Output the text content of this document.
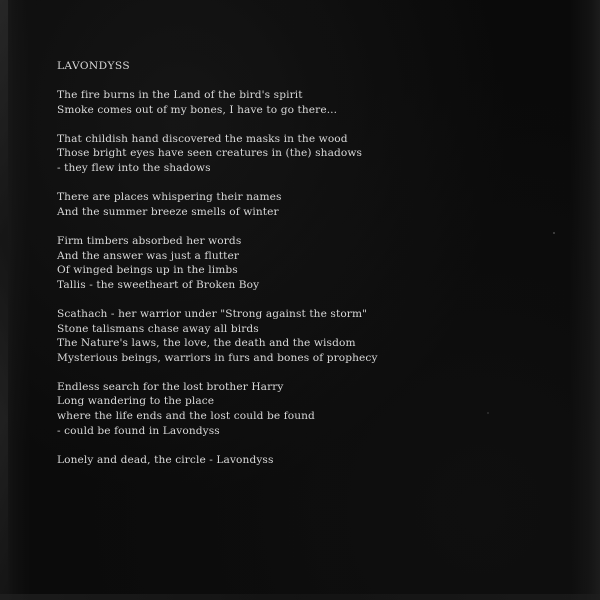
LAVONDYSS
The fire burns in the Land of the bird's spirit
Smoke comes out of my bones, I have to go there...
That childish hand discovered the masks in the wood
Those bright eyes have seen creatures in (the) shadows
- they flew into the shadows
There are places whispering their names
And the summer breeze smells of winter
Firm timbers absorbed her words
And the answer was just a flutter
Of winged beings up in the limbs
Tallis - the sweetheart of Broken Boy
Scathach - her warrior under "Strong against the storm"
Stone talismans chase away all birds
The Nature's laws, the love, the death and the wisdom
Mysterious beings, warriors in furs and bones of prophecy
Endless search for the lost brother Harry
Long wandering to the place
where the life ends and the lost could be found
- could be found in Lavondyss
Lonely and dead, the circle - Lavondyss
